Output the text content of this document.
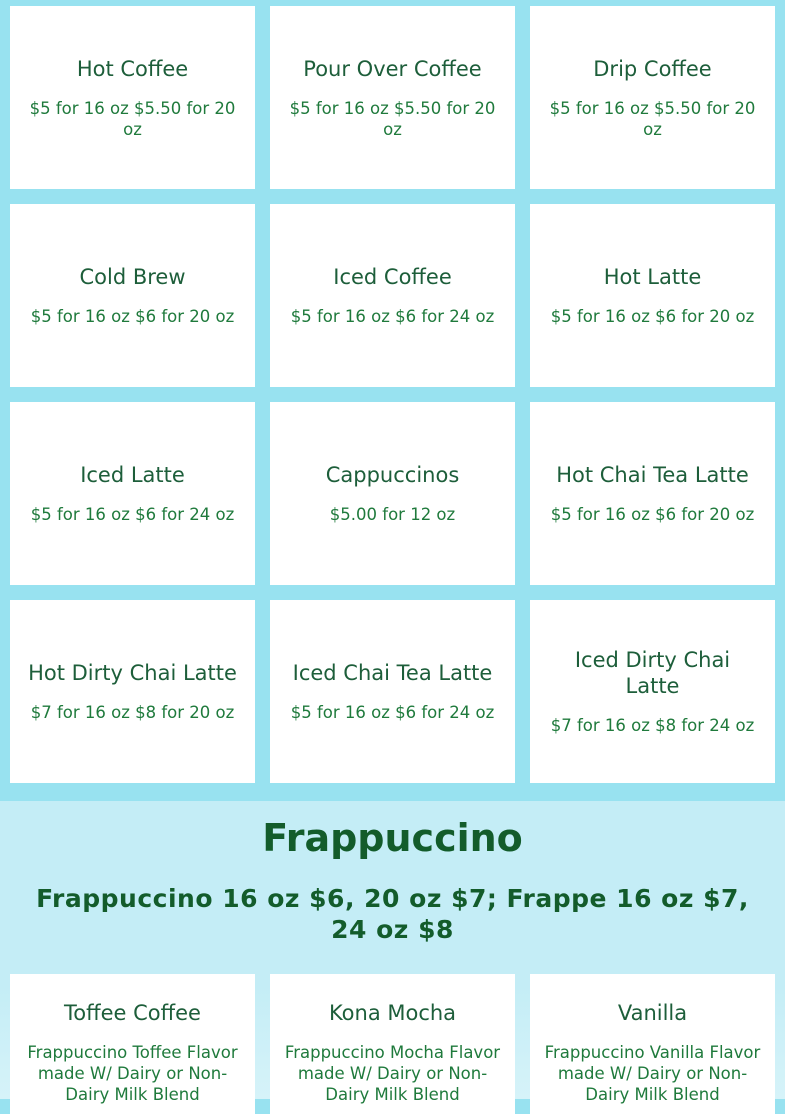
Hot Coffee
$5 for 16 oz $5.50 for 20 oz
Pour Over Coffee
$5 for 16 oz $5.50 for 20 oz
Drip Coffee
$5 for 16 oz $5.50 for 20 oz
Cold Brew
$5 for 16 oz $6 for 20 oz
Iced Coffee
$5 for 16 oz $6 for 24 oz
Hot Latte
$5 for 16 oz $6 for 20 oz
Iced Latte
$5 for 16 oz $6 for 24 oz
Cappuccinos
$5.00 for 12 oz
Hot Chai Tea Latte
$5 for 16 oz $6 for 20 oz
Hot Dirty Chai Latte
$7 for 16 oz $8 for 20 oz
Iced Chai Tea Latte
$5 for 16 oz $6 for 24 oz
Iced Dirty Chai Latte
$7 for 16 oz $8 for 24 oz
Frappuccino
Frappuccino 16 oz $6, 20 oz $7; Frappe 16 oz $7, 24 oz $8
Toffee Coffee
Frappuccino Toffee Flavor made W/ Dairy or Non-Dairy Milk Blend
Kona Mocha
Frappuccino Mocha Flavor made W/ Dairy or Non-Dairy Milk Blend
Vanilla
Frappuccino Vanilla Flavor made W/ Dairy or Non-Dairy Milk Blend
